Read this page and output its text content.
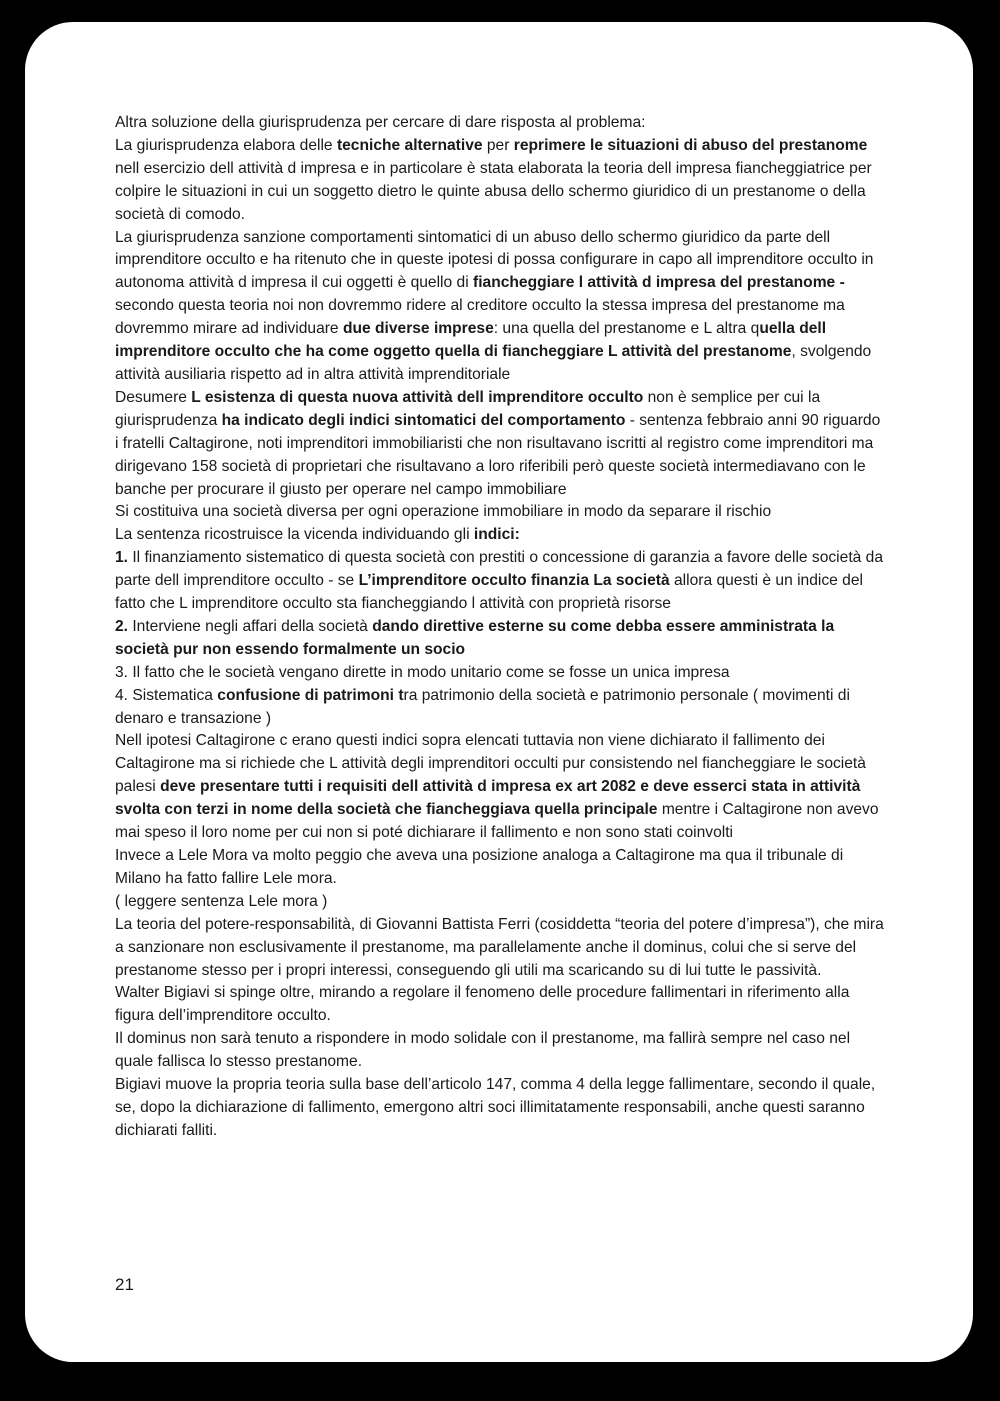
Altra soluzione della giurisprudenza per cercare di dare risposta al problema:

La giurisprudenza elabora delle tecniche alternative per reprimere le situazioni di abuso del prestanome nell esercizio dell attività d impresa e in particolare è stata elaborata la teoria dell impresa fiancheggiatrice per colpire le situazioni in cui un soggetto dietro le quinte abusa dello schermo giuridico di un prestanome o della società di comodo.

La giurisprudenza sanzione comportamenti sintomatici di un abuso dello schermo giuridico da parte dell imprenditore occulto e ha ritenuto che in queste ipotesi di possa configurare in capo all imprenditore occulto in autonoma attività d impresa il cui oggetti è quello di fiancheggiare l attività d impresa del prestanome - secondo questa teoria noi non dovremmo ridere al creditore occulto la stessa impresa del prestanome ma dovremmo mirare ad individuare due diverse imprese: una quella del prestanome e L altra quella dell imprenditore occulto che ha come oggetto quella di fiancheggiare L attività del prestanome, svolgendo attività ausiliaria rispetto ad in altra attività imprenditoriale

Desumere L esistenza di questa nuova attività dell imprenditore occulto non è semplice per cui la giurisprudenza ha indicato degli indici sintomatici del comportamento - sentenza febbraio anni 90 riguardo i fratelli Caltagirone, noti imprenditori immobiliaristi che non risultavano iscritti al registro come imprenditori ma dirigevano 158 società di proprietari che risultavano a loro riferibili però queste società intermediavano con le banche per procurare il giusto per operare nel campo immobiliare

Si costituiva una società diversa per ogni operazione immobiliare in modo da separare il rischio

La sentenza ricostruisce la vicenda individuando gli indici:

1. Il finanziamento sistematico di questa società con prestiti o concessione di garanzia a favore delle società da parte dell imprenditore occulto - se L’imprenditore occulto finanzia La società allora questi è un indice del fatto che L imprenditore occulto sta fiancheggiando l attività con proprietà risorse

2. Interviene negli affari della società dando direttive esterne su come debba essere amministrata la società pur non essendo formalmente un socio

3. Il fatto che le società vengano dirette in modo unitario come se fosse un unica impresa

4. Sistematica confusione di patrimoni tra patrimonio della società e patrimonio personale ( movimenti di denaro e transazione )

Nell ipotesi Caltagirone c erano questi indici sopra elencati tuttavia non viene dichiarato il fallimento dei Caltagirone ma si richiede che L attività degli imprenditori occulti pur consistendo nel fiancheggiare le società palesi deve presentare tutti i requisiti dell attività d impresa ex art 2082 e deve esserci stata in attività svolta con terzi in nome della società che fiancheggiava quella principale mentre i Caltagirone non avevo mai speso il loro nome per cui non si poté dichiarare il fallimento e non sono stati coinvolti

Invece a Lele Mora va molto peggio che aveva una posizione analoga a Caltagirone ma qua il tribunale di Milano ha fatto fallire Lele mora.

( leggere sentenza Lele mora )

La teoria del potere-responsabilità, di Giovanni Battista Ferri (cosiddetta “teoria del potere d’impresa”), che mira a sanzionare non esclusivamente il prestanome, ma parallelamente anche il dominus, colui che si serve del prestanome stesso per i propri interessi, conseguendo gli utili ma scaricando su di lui tutte le passività.

Walter Bigiavi si spinge oltre, mirando a regolare il fenomeno delle procedure fallimentari in riferimento alla figura dell’imprenditore occulto.

Il dominus non sarà tenuto a rispondere in modo solidale con il prestanome, ma fallirà sempre nel caso nel quale fallisca lo stesso prestanome.

Bigiavi muove la propria teoria sulla base dell’articolo 147, comma 4 della legge fallimentare, secondo il quale, se, dopo la dichiarazione di fallimento, emergono altri soci illimitatamente responsabili, anche questi saranno dichiarati falliti.

21
